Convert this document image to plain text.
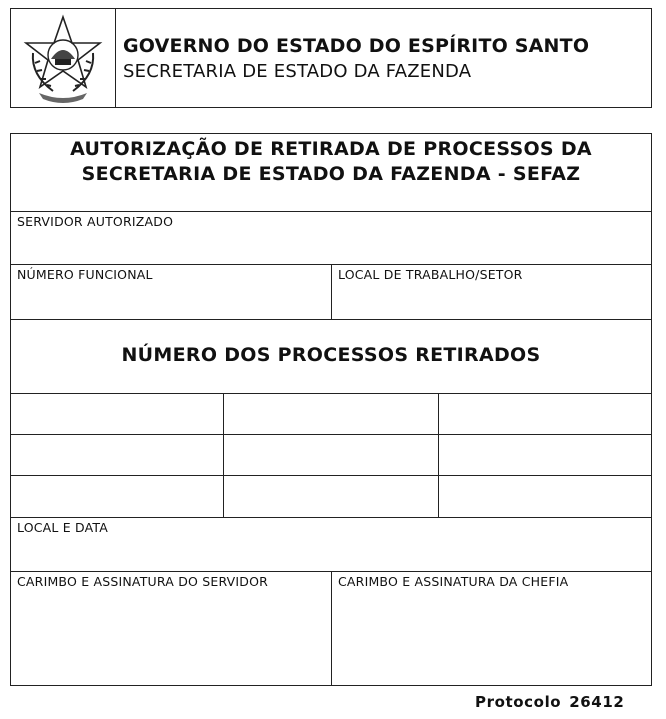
GOVERNO DO ESTADO DO ESPÍRITO SANTO
SECRETARIA DE ESTADO DA FAZENDA
AUTORIZAÇÃO DE RETIRADA DE PROCESSOS DA
SECRETARIA DE ESTADO DA FAZENDA - SEFAZ
SERVIDOR AUTORIZADO
NÚMERO FUNCIONAL	LOCAL DE TRABALHO/SETOR
NÚMERO DOS PROCESSOS RETIRADOS
LOCAL E DATA
CARIMBO E ASSINATURA DO SERVIDOR	CARIMBO E ASSINATURA DA CHEFIA
Protocolo 26412
